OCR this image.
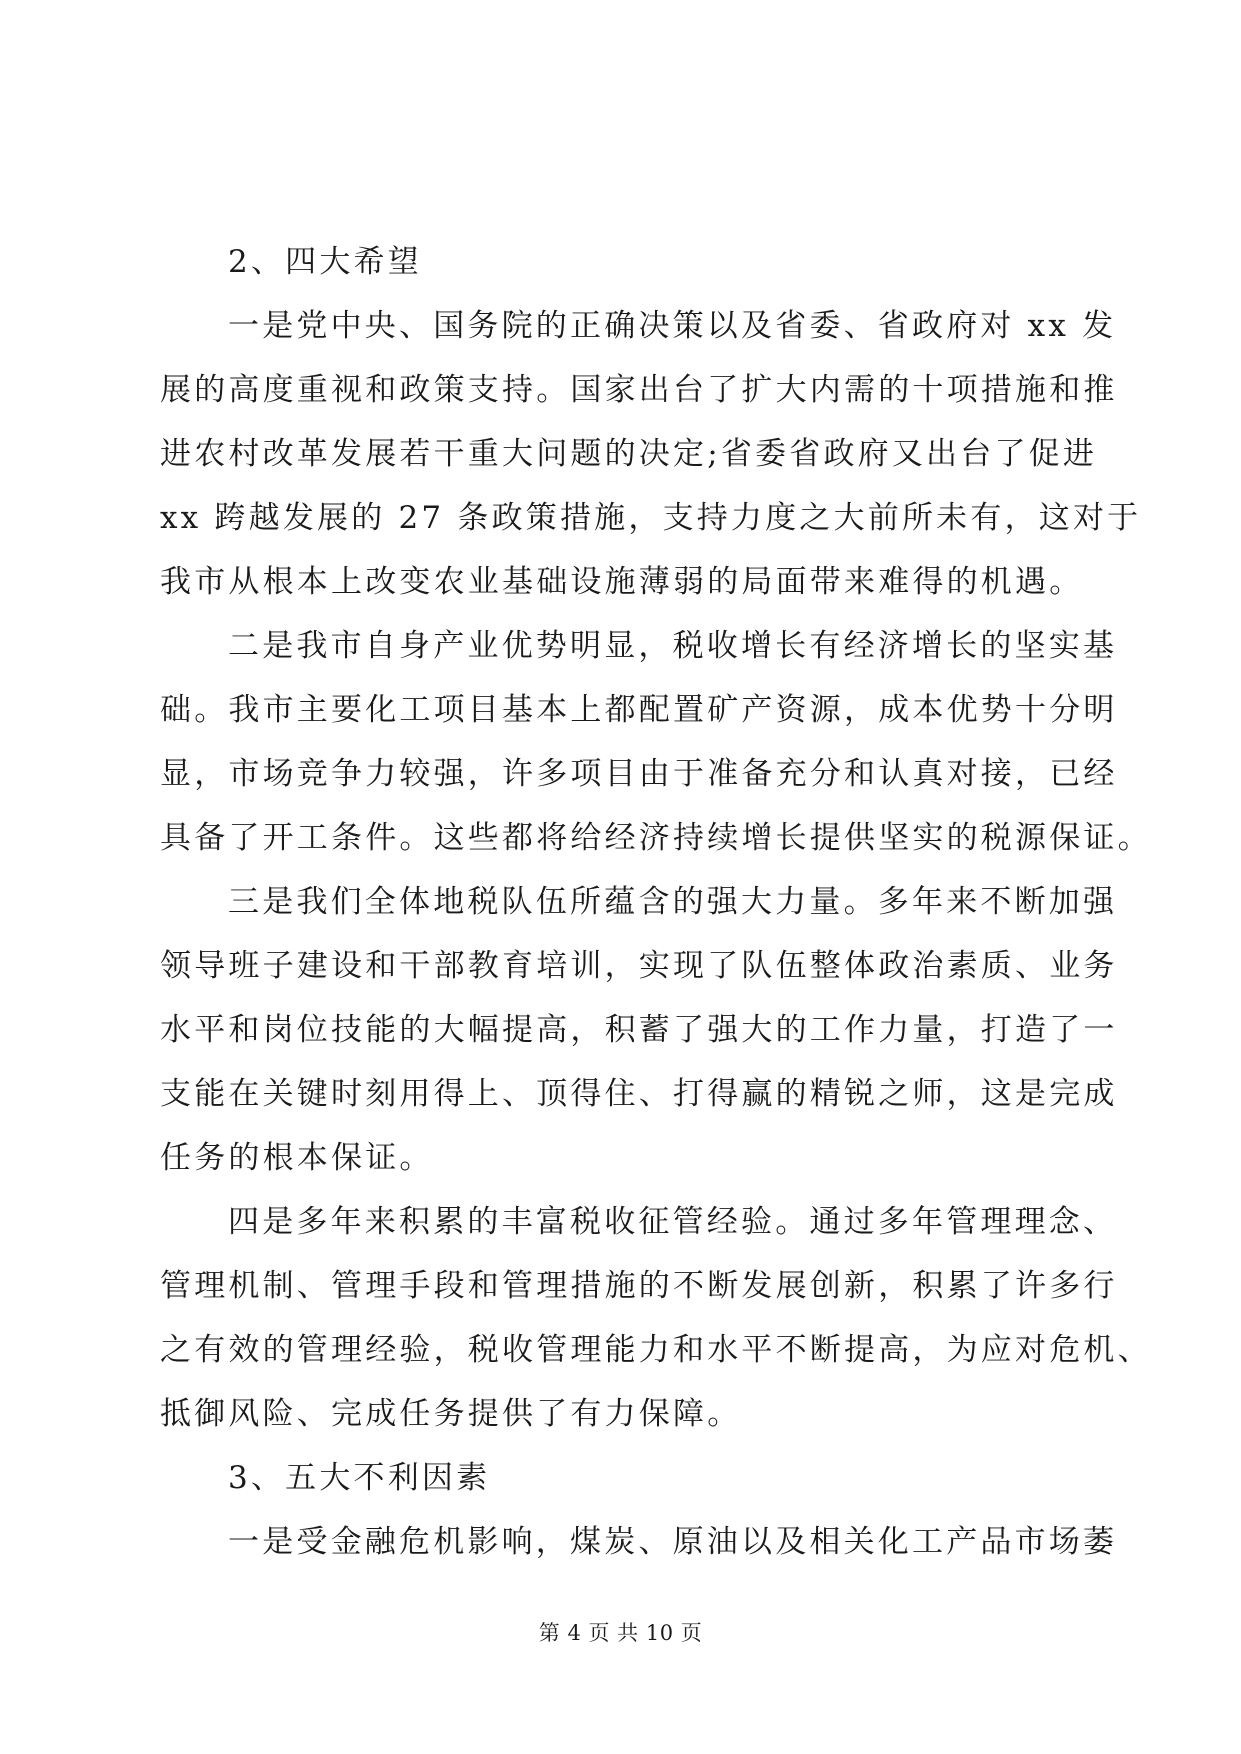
2、四大希望
一是党中央、国务院的正确决策以及省委、省政府对 xx 发
展的高度重视和政策支持。国家出台了扩大内需的十项措施和推
进农村改革发展若干重大问题的决定;省委省政府又出台了促进
xx 跨越发展的 27 条政策措施，支持力度之大前所未有，这对于
我市从根本上改变农业基础设施薄弱的局面带来难得的机遇。
二是我市自身产业优势明显，税收增长有经济增长的坚实基
础。我市主要化工项目基本上都配置矿产资源，成本优势十分明
显，市场竞争力较强，许多项目由于准备充分和认真对接，已经
具备了开工条件。这些都将给经济持续增长提供坚实的税源保证。
三是我们全体地税队伍所蕴含的强大力量。多年来不断加强
领导班子建设和干部教育培训，实现了队伍整体政治素质、业务
水平和岗位技能的大幅提高，积蓄了强大的工作力量，打造了一
支能在关键时刻用得上、顶得住、打得赢的精锐之师，这是完成
任务的根本保证。
四是多年来积累的丰富税收征管经验。通过多年管理理念、
管理机制、管理手段和管理措施的不断发展创新，积累了许多行
之有效的管理经验，税收管理能力和水平不断提高，为应对危机、
抵御风险、完成任务提供了有力保障。
3、五大不利因素
一是受金融危机影响，煤炭、原油以及相关化工产品市场萎
第 4 页 共 10 页
